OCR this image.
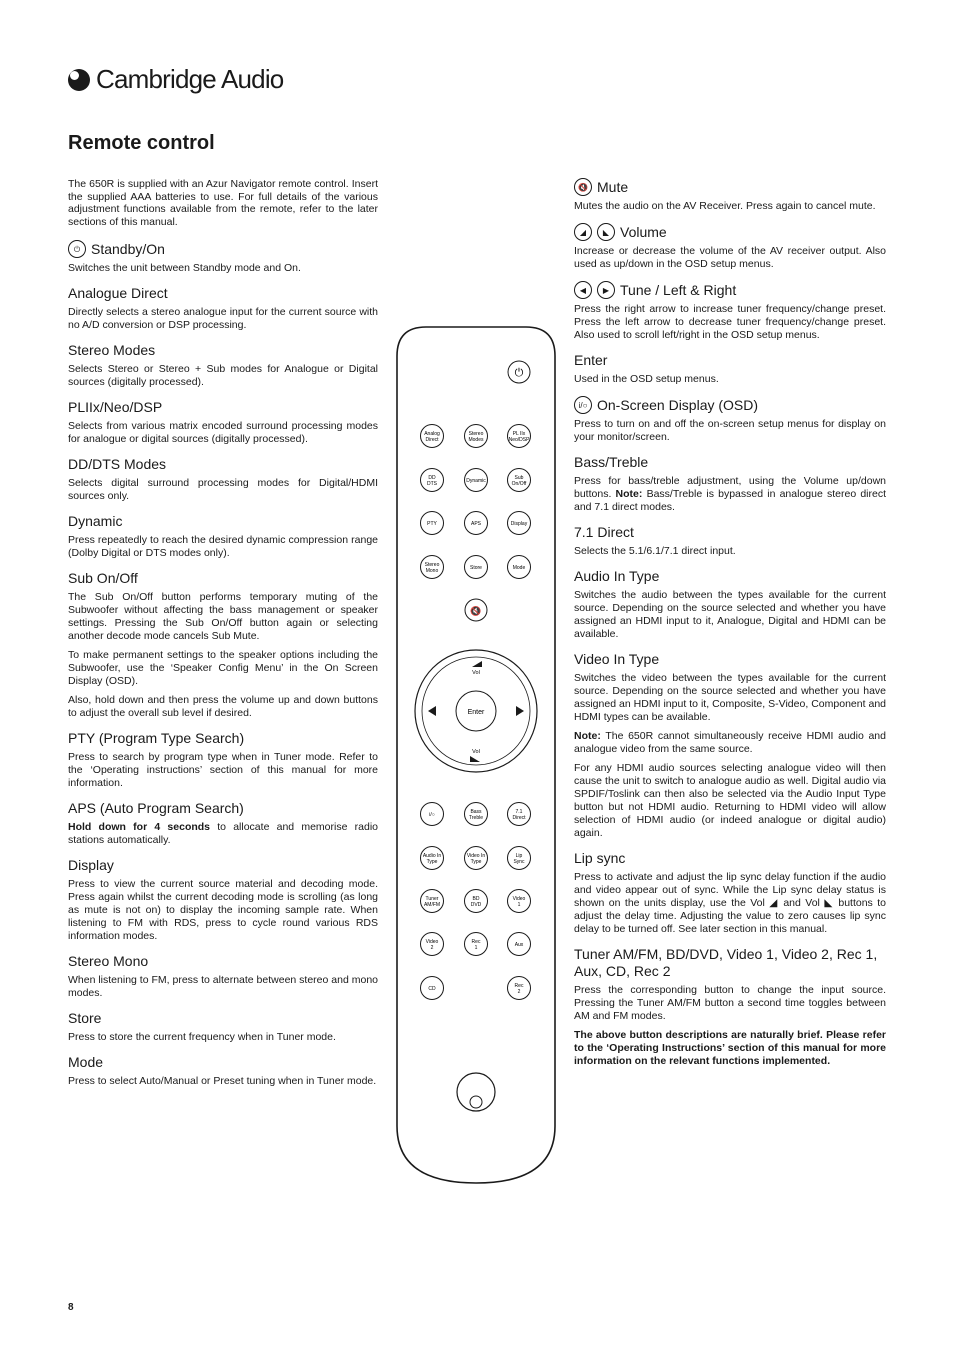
Cambridge Audio
Remote control

The 650R is supplied with an Azur Navigator remote control. Insert the supplied AAA batteries to use. For full details of the various adjustment functions available from the remote, refer to the later sections of this manual.

⏻ Standby/On

Switches the unit between Standby mode and On.

Analogue Direct

Directly selects a stereo analogue input for the current source with no A/D conversion or DSP processing.

Stereo Modes

Selects Stereo or Stereo + Sub modes for Analogue or Digital sources (digitally processed).

PLIIx/Neo/DSP

Selects from various matrix encoded surround processing modes for analogue or digital sources (digitally processed).

DD/DTS Modes

Selects digital surround processing modes for Digital/HDMI sources only.

Dynamic

Press repeatedly to reach the desired dynamic compression range (Dolby Digital or DTS modes only).

Sub On/Off

The Sub On/Off button performs temporary muting of the Subwoofer without affecting the bass management or speaker settings. Pressing the Sub On/Off button again or selecting another decode mode cancels Sub Mute.

To make permanent settings to the speaker options including the Subwoofer, use the ‘Speaker Config Menu’ in the On Screen Display (OSD).

Also, hold down and then press the volume up and down buttons to adjust the overall sub level if desired.

PTY (Program Type Search)

Press to search by program type when in Tuner mode. Refer to the ‘Operating instructions’ section of this manual for more information.

APS (Auto Program Search)

Hold down for 4 seconds to allocate and memorise radio stations automatically.

Display

Press to view the current source material and decoding mode. Press again whilst the current decoding mode is scrolling (as long as mute is not on) to display the incoming sample rate. When listening to FM with RDS, press to cycle round various RDS information modes.

Stereo Mono

When listening to FM, press to alternate between stereo and mono modes.

Store

Press to store the current frequency when in Tuner mode.

Mode

Press to select Auto/Manual or Preset tuning when in Tuner mode.

🔇 Mute

Mutes the audio on the AV Receiver. Press again to cancel mute.

◢	◣ Volume

Increase or decrease the volume of the AV receiver output. Also used as up/down in the OSD setup menus.

◀	▶ Tune / Left & Right

Press the right arrow to increase tuner frequency/change preset. Press the left arrow to decrease tuner frequency/change preset. Also used to scroll left/right in the OSD setup menus.

Enter

Used in the OSD setup menus.

i/○ On-Screen Display (OSD)

Press to turn on and off the on-screen setup menus for display on your monitor/screen.

Bass/Treble

Press for bass/treble adjustment, using the Volume up/down buttons. Note: Bass/Treble is bypassed in analogue stereo direct and 7.1 direct modes.

7.1 Direct

Selects the 5.1/6.1/7.1 direct input.

Audio In Type

Switches the audio between the types available for the current source. Depending on the source selected and whether you have assigned an HDMI input to it, Analogue, Digital and HDMI can be available.

Video In Type

Switches the video between the types available for the current source. Depending on the source selected and whether you have assigned an HDMI input to it, Composite, S-Video, Component and HDMI types can be available.

Note: The 650R cannot simultaneously receive HDMI audio and analogue video from the same source.

For any HDMI audio sources selecting analogue video will then cause the unit to switch to analogue audio as well. Digital audio via SPDIF/Toslink can then also be selected via the Audio Input Type button but not HDMI audio. Returning to HDMI video will allow selection of HDMI audio (or indeed analogue or digital audio) again.

Lip sync

Press to activate and adjust the lip sync delay function if the audio and video appear out of sync. While the Lip sync delay status is shown on the units display, use the Vol ◢ and Vol ◣ buttons to adjust the delay time. Adjusting the value to zero causes lip sync delay to be turned off. See later section in this manual.

Tuner AM/FM, BD/DVD, Video 1, Video 2, Rec 1, Aux, CD, Rec 2

Press the corresponding button to change the input source. Pressing the Tuner AM/FM button a second time toggles between AM and FM modes.

The above button descriptions are naturally brief. Please refer to the ‘Operating Instructions’ section of this manual for more information on the relevant functions implemented.

⏻
Analog
Direct
Stereo
Modes
PL IIx
Neo/DSP
DD
DTS	Dynamic	Sub
On/Off
PTY	APS	Display
Stereo
Mono	Store	Mode
i/○	Bass
Treble
7.1
Direct
Audio In
Type
Video In
Type
Lip
Sync
Tuner
AM/FM
BD
DVD
Video
1
Video
2
Rec
1	Aux
CD	Rec
2
🔇
Enter
Vol
Vol
8
